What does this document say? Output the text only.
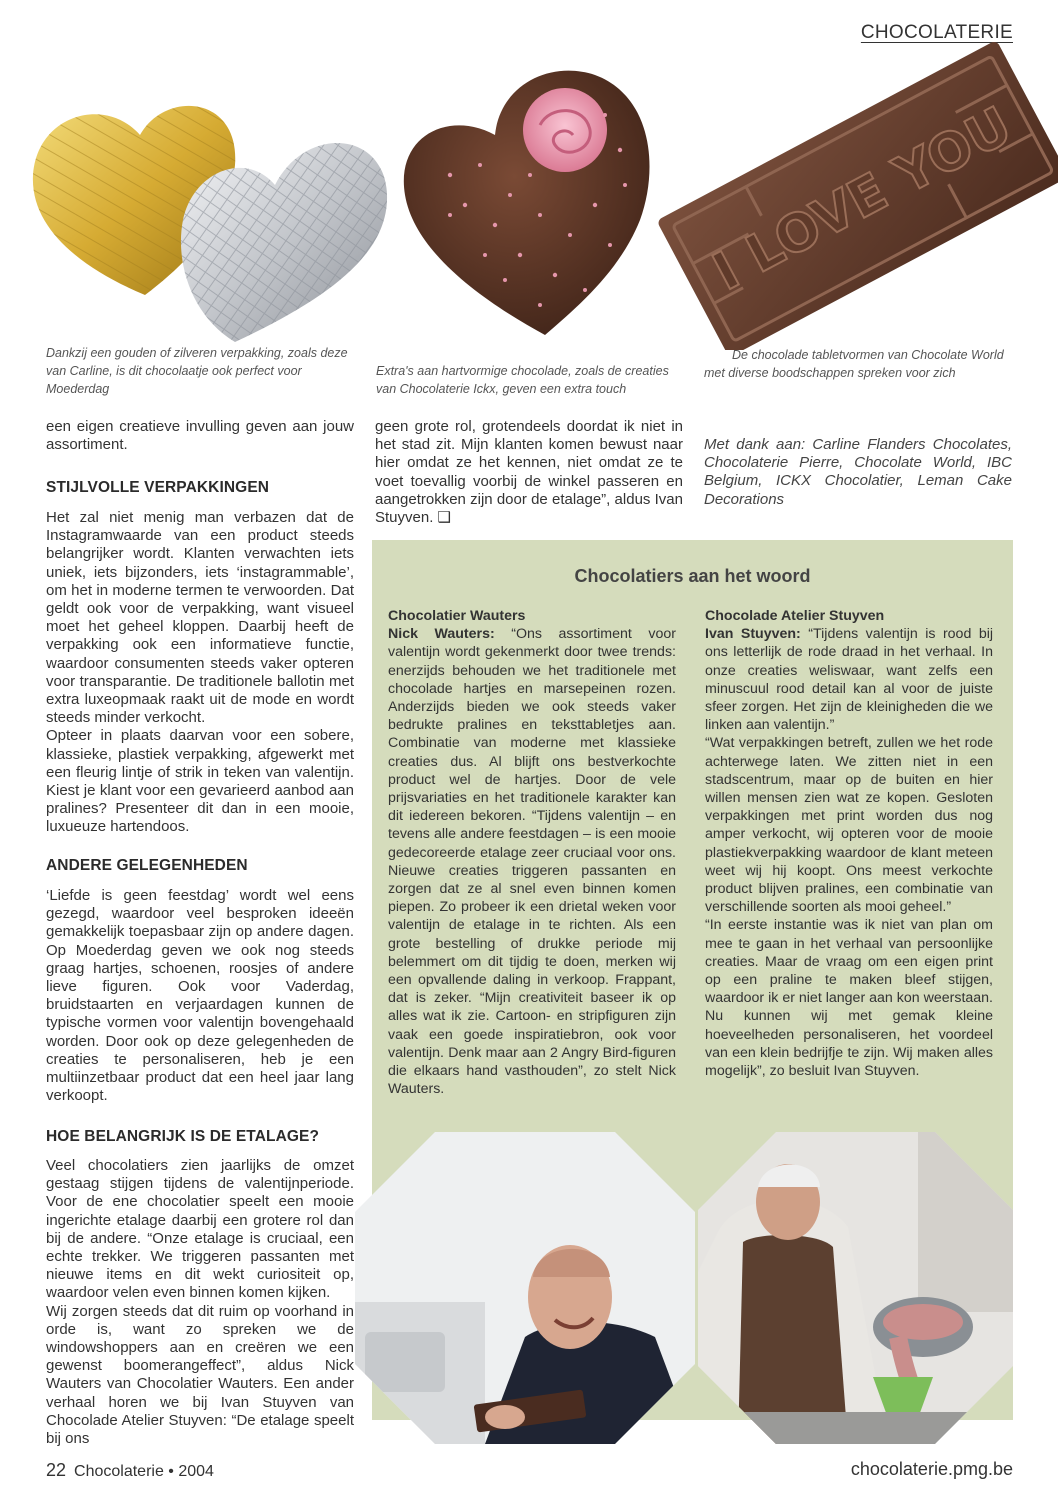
CHOCOLATERIE
I LOVE YOU
Dankzij een gouden of zilveren verpakking, zoals deze van Carline, is dit chocolaatje ook perfect voor Moederdag
Extra's aan hartvormige chocolade, zoals de creaties van Chocolaterie Ickx, geven een extra touch
De chocolade tabletvormen van Chocolate World met diverse boodschappen spreken voor zich
een eigen creatieve invulling geven aan jouw assortiment.
STIJLVOLLE VERPAKKINGEN

Het zal niet menig man verbazen dat de Instagramwaarde van een product steeds belangrijker wordt. Klanten verwachten iets uniek, iets bijzonders, iets ‘instagrammable’, om het in moderne termen te verwoorden. Dat geldt ook voor de verpakking, want visueel moet het geheel kloppen. Daarbij heeft de verpakking ook een informatieve functie, waardoor consumenten steeds vaker opteren voor transparantie. De traditionele ballotin met extra luxeopmaak raakt uit de mode en wordt steeds minder verkocht.

Opteer in plaats daarvan voor een sobere, klassieke, plastiek verpakking, afgewerkt met een fleurig lintje of strik in teken van valentijn. Kiest je klant voor een gevarieerd aanbod aan pralines? Presenteer dit dan in een mooie, luxueuze hartendoos.

ANDERE GELEGENHEDEN
‘Liefde is geen feestdag’ wordt wel eens gezegd, waardoor veel besproken ideeën gemakkelijk toepasbaar zijn op andere dagen. Op Moederdag geven we ook nog steeds graag hartjes, schoenen, roosjes of andere lieve figuren. Ook voor Vaderdag, bruidstaarten en verjaardagen kunnen de typische vormen voor valentijn bovengehaald worden. Door ook op deze gelegenheden de creaties te personaliseren, heb je een multiinzetbaar product dat een heel jaar lang verkoopt.
HOE BELANGRIJK IS DE ETALAGE?

Veel chocolatiers zien jaarlijks de omzet gestaag stijgen tijdens de valentijnperiode. Voor de ene chocolatier speelt een mooie ingerichte etalage daarbij een grotere rol dan bij de andere. “Onze etalage is cruciaal, een echte trekker. We triggeren passanten met nieuwe items en dit wekt curiositeit op, waardoor velen even binnen komen kijken.

Wij zorgen steeds dat dit ruim op voorhand in orde is, want zo spreken we de windowshoppers aan en creëren we een gewenst boomerangeffect”, aldus Nick Wauters van Chocolatier Wauters. Een ander verhaal horen we bij Ivan Stuyven van Chocolade Atelier Stuyven: “De etalage speelt bij ons

geen grote rol, grotendeels doordat ik niet in het stad zit. Mijn klanten komen bewust naar hier omdat ze het kennen, niet omdat ze te voet toevallig voorbij de winkel passeren en aangetrokken zijn door de etalage”, aldus Ivan Stuyven. ❑
Met dank aan: Carline Flanders Chocolates, Chocolaterie Pierre, Chocolate World, IBC Belgium, ICKX Chocolatier, Leman Cake Decorations
Chocolatiers aan het woord
Chocolatier Wauters
Nick Wauters: “Ons assortiment voor valentijn wordt gekenmerkt door twee trends: enerzijds behouden we het traditionele met chocolade hartjes en marsepeinen rozen. Anderzijds bieden we ook steeds vaker bedrukte pralines en teksttabletjes aan. Combinatie van moderne met klassieke creaties dus. Al blijft ons bestverkochte product wel de hartjes. Door de vele prijsvariaties en het traditionele karakter kan dit iedereen bekoren. “Tijdens valentijn – en tevens alle andere feestdagen – is een mooie gedecoreerde etalage zeer cruciaal voor ons. Nieuwe creaties triggeren passanten en zorgen dat ze al snel even binnen komen piepen. Zo probeer ik een drietal weken voor valentijn de etalage in te richten. Als een grote bestelling of drukke periode mij belemmert om dit tijdig te doen, merken wij een opvallende daling in verkoop. Frappant, dat is zeker. “Mijn creativiteit baseer ik op alles wat ik zie. Cartoon- en stripfiguren zijn vaak een goede inspiratiebron, ook voor valentijn. Denk maar aan 2 Angry Bird-figuren die elkaars hand vasthouden”, zo stelt Nick Wauters.
Chocolade Atelier Stuyven
Ivan Stuyven: “Tijdens valentijn is rood bij ons letterlijk de rode draad in het verhaal. In onze creaties weliswaar, want zelfs een minuscuul rood detail kan al voor de juiste sfeer zorgen. Het zijn de kleinigheden die we linken aan valentijn.”
“Wat verpakkingen betreft, zullen we het rode achterwege laten. We zitten niet in een stadscentrum, maar op de buiten en hier willen mensen zien wat ze kopen. Gesloten verpakkingen met print worden dus nog amper verkocht, wij opteren voor de mooie plastiekverpakking waardoor de klant meteen weet wij hij koopt. Ons meest verkochte product blijven pralines, een combinatie van verschillende soorten als mooi geheel.”
“In eerste instantie was ik niet van plan om mee te gaan in het verhaal van persoonlijke creaties. Maar de vraag om een eigen print op een praline te maken bleef stijgen, waardoor ik er niet langer aan kon weerstaan. Nu kunnen wij met gemak kleine hoeveelheden personaliseren, het voordeel van een klein bedrijfje te zijn. Wij maken alles mogelijk”, zo besluit Ivan Stuyven.
22 Chocolaterie • 2004	chocolaterie.pmg.be
